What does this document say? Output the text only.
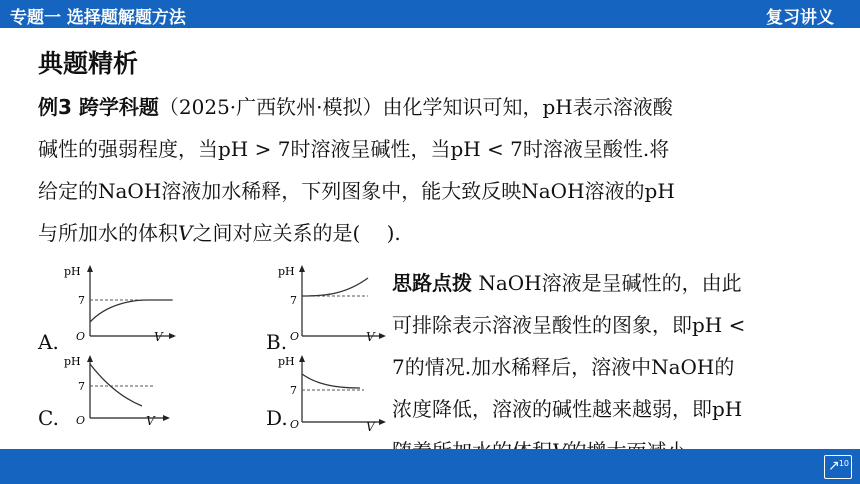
专题一 选择题解题方法	复习讲义
典题精析
例3 跨学科题（2025·广西钦州·模拟）由化学知识可知，pH表示溶液酸
碱性的强弱程度，当pH > 7时溶液呈碱性，当pH < 7时溶液呈酸性.将
给定的NaOH溶液加水稀释，下列图象中，能大致反映NaOH溶液的pH
与所加水的体积𝑉之间对应关系的是(　 ).
A.
pH
7
O	V	B.
pH
7
O	V
C.
pH
7
O	V	D.
pH
7
O	V
思路点拨 NaOH溶液是呈碱性的，由此
可排除表示溶液呈酸性的图象，即pH <
7的情况.加水稀释后，溶液中NaOH的
浓度降低，溶液的碱性越来越弱，即pH
↗ 10
